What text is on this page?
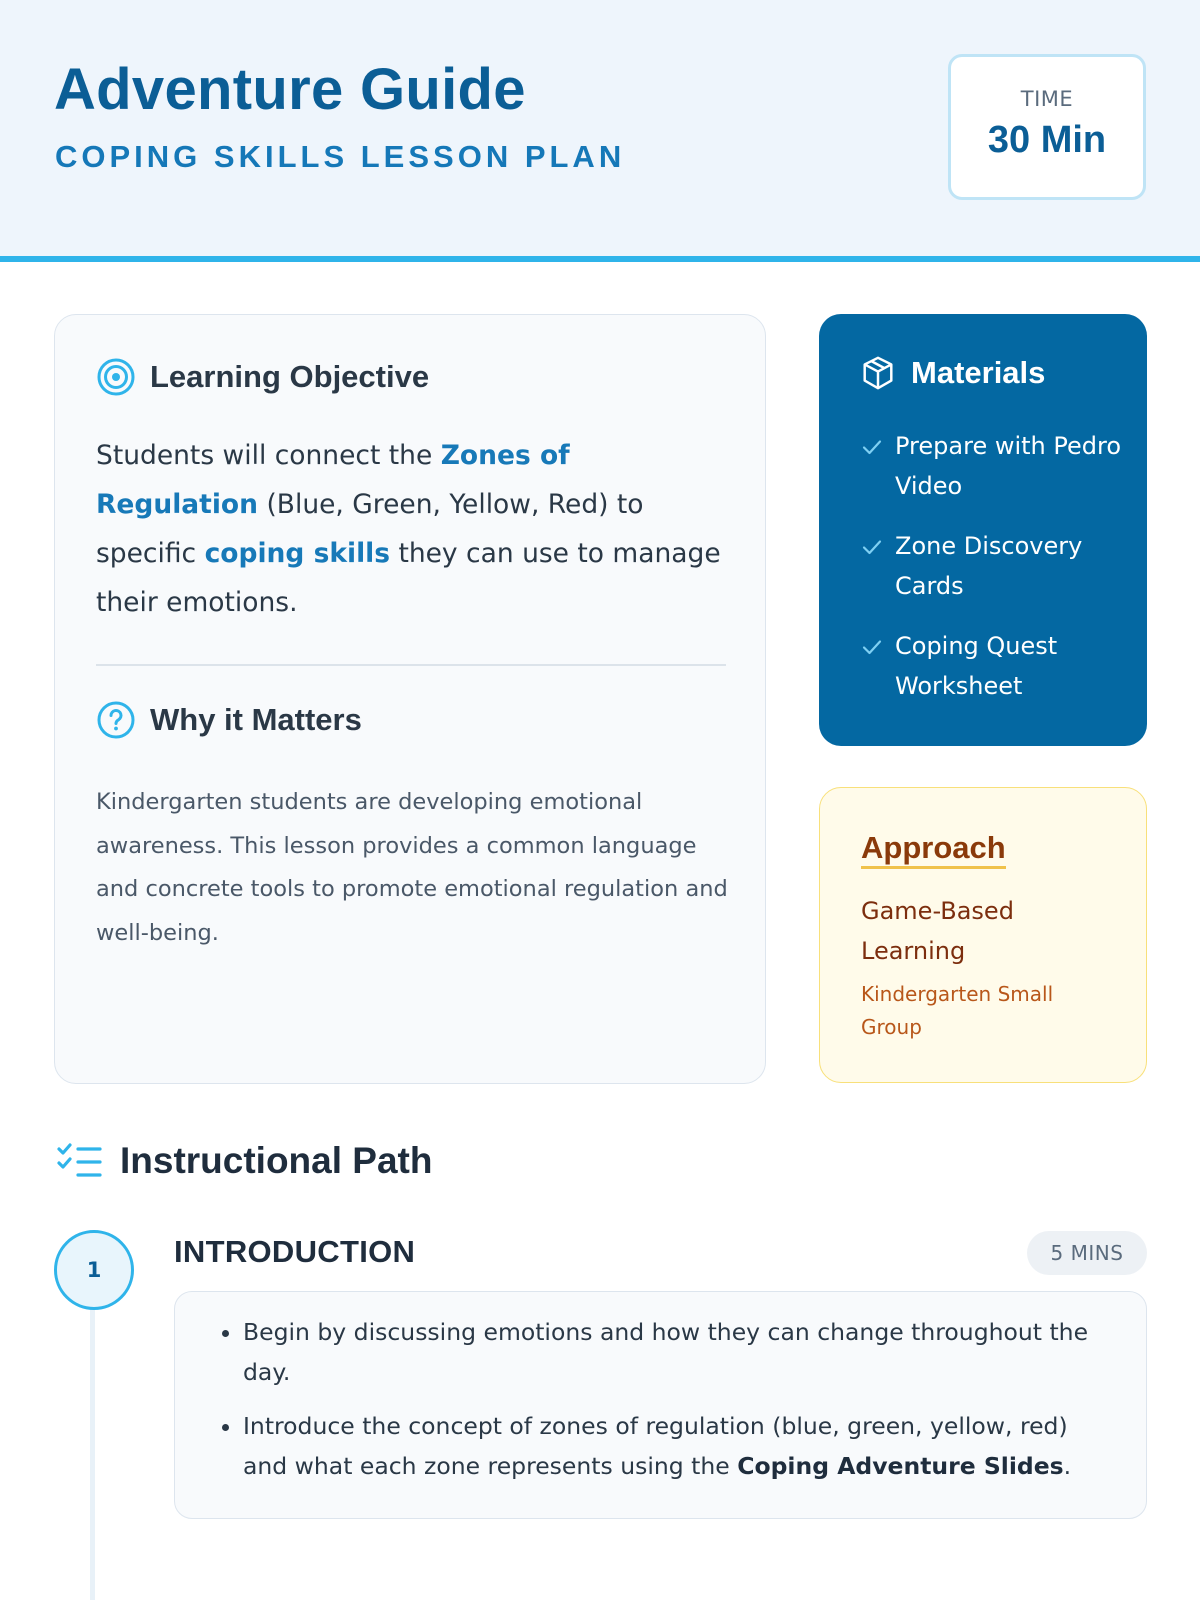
Adventure Guide
COPING SKILLS LESSON PLAN
TIME
30 Min
Learning Objective
Students will connect the Zones of Regulation (Blue, Green, Yellow, Red) to specific coping skills they can use to manage their emotions.
Why it Matters
Kindergarten students are developing emotional awareness. This lesson provides a common language and concrete tools to promote emotional regulation and well-being.
Materials
Prepare with Pedro Video
Zone Discovery Cards
Coping Quest Worksheet
Approach
Game-Based Learning
Kindergarten Small Group
Instructional Path
1
INTRODUCTION	5 MINS
• Begin by discussing emotions and how they can change throughout the day.
• Introduce the concept of zones of regulation (blue, green, yellow, red) and what each zone represents using the Coping Adventure Slides.
